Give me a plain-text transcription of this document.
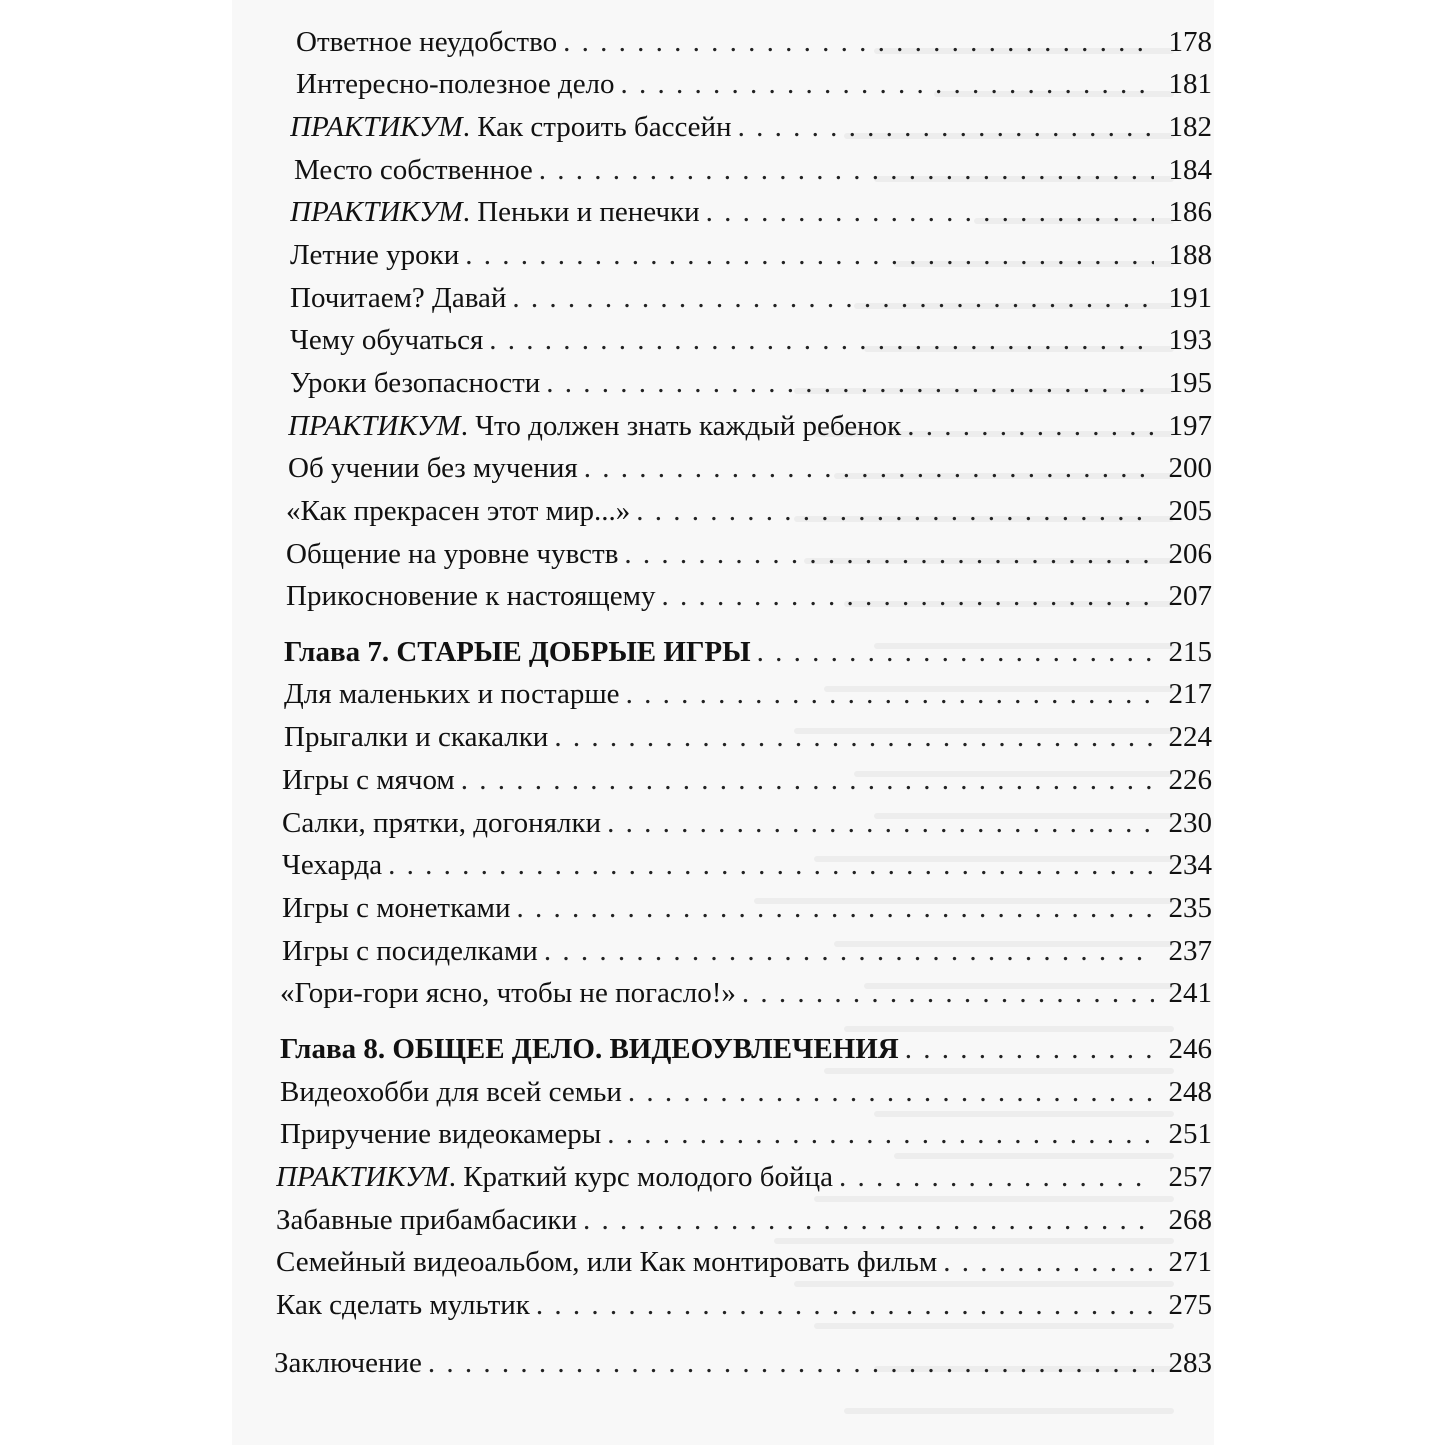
Ответное неудобство . . .	178
Интересно-полезное дело . . .	181
ПРАКТИКУМ. Как строить бассейн . . .	182
Место собственное . . .	184
ПРАКТИКУМ. Пеньки и пенечки . . .	186
Летние уроки . . .	188
Почитаем? Давай . . .	191
Чему обучаться . . .	193
Уроки безопасности . . .	195
ПРАКТИКУМ. Что должен знать каждый ребенок . . .	197
Об учении без мучения . . .	200
«Как прекрасен этот мир...» . . .	205
Общение на уровне чувств . . .	206
Прикосновение к настоящему . . .	207
Глава 7. СТАРЫЕ ДОБРЫЕ ИГРЫ . . .	215
Для маленьких и постарше . . .	217
Прыгалки и скакалки . . .	224
Игры с мячом . . .	226
Салки, прятки, догонялки . . .	230
Чехарда . . .	234
Игры с монетками . . .	235
Игры с посиделками . . .	237
«Гори-гори ясно, чтобы не погасло!» . . .	241
Глава 8. ОБЩЕЕ ДЕЛО. ВИДЕОУВЛЕЧЕНИЯ . . .	246
Видеохобби для всей семьи . . .	248
Приручение видеокамеры . . .	251
ПРАКТИКУМ. Краткий курс молодого бойца . . .	257
Забавные прибамбасики . . .	268
Семейный видеоальбом, или Как монтировать фильм . . .	271
Как сделать мультик . . .	275
Заключение . . .	283
